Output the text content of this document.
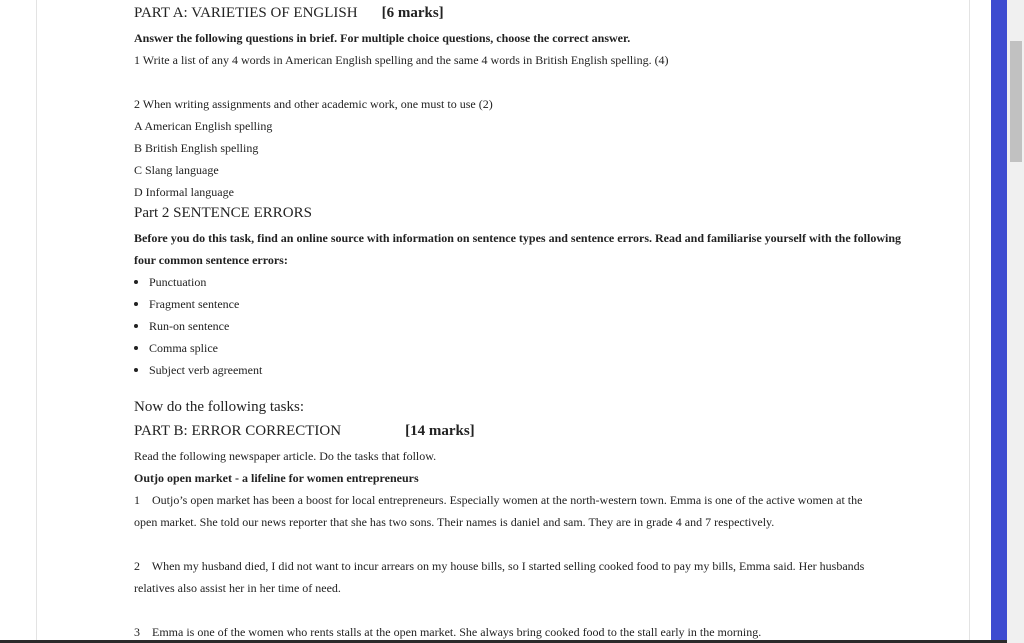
PART A: VARIETIES OF ENGLISH [6 marks]
Answer the following questions in brief. For multiple choice questions, choose the correct answer.
1 Write a list of any 4 words in American English spelling and the same 4 words in British English spelling. (4)
2 When writing assignments and other academic work, one must to use (2)
A American English spelling
B British English spelling
C Slang language
D Informal language
Part 2 SENTENCE ERRORS
Before you do this task, find an online source with information on sentence types and sentence errors. Read and familiarise yourself with the following
four common sentence errors:
Punctuation
Fragment sentence
Run-on sentence
Comma splice
Subject verb agreement
Now do the following tasks:
PART B: ERROR CORRECTION	[14 marks]
Read the following newspaper article. Do the tasks that follow.
Outjo open market - a lifeline for women entrepreneurs
1    Outjo’s open market has been a boost for local entrepreneurs. Especially women at the north-western town. Emma is one of the active women at the
open market. She told our news reporter that she has two sons. Their names is daniel and sam. They are in grade 4 and 7 respectively.
2    When my husband died, I did not want to incur arrears on my house bills, so I started selling cooked food to pay my bills, Emma said. Her husbands
relatives also assist her in her time of need.
3    Emma is one of the women who rents stalls at the open market. She always bring cooked food to the stall early in the morning.
